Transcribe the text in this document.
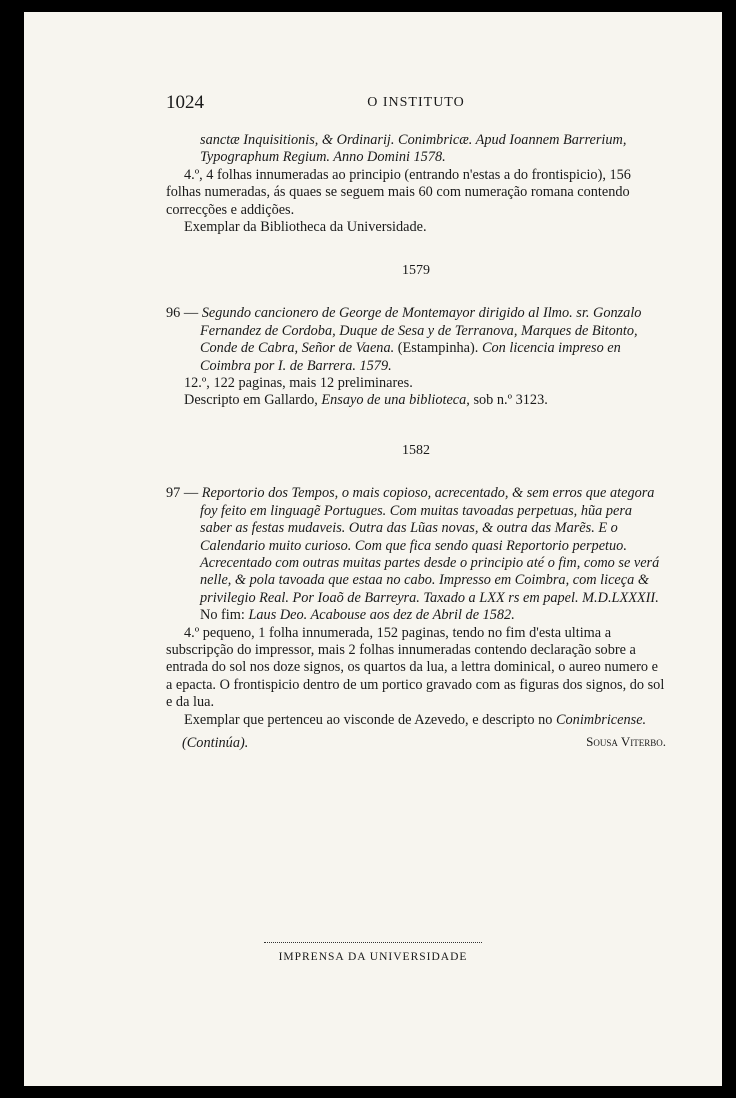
1024	O INSTITUTO

sanctæ Inquisitionis, & Ordinarij. Conimbricæ. Apud Ioannem Barrerium, Typographum Regium. Anno Domini 1578.

4.º, 4 folhas innumeradas ao principio (entrando n'estas a do frontispicio), 156 folhas numeradas, ás quaes se seguem mais 60 com numeração romana contendo correcções e addições.

Exemplar da Bibliotheca da Universidade.

1579

96 — Segundo cancionero de George de Montemayor dirigido al Ilmo. sr. Gonzalo Fernandez de Cordoba, Duque de Sesa y de Terranova, Marques de Bitonto, Conde de Cabra, Señor de Vaena. (Estampinha). Con licencia impreso en Coimbra por I. de Barrera. 1579.

12.º, 122 paginas, mais 12 preliminares.

Descripto em Gallardo, Ensayo de una biblioteca, sob n.º 3123.

1582

97 — Reportorio dos Tempos, o mais copioso, acrecentado, & sem erros que ategora foy feito em linguagẽ Portugues. Com muitas tavoadas perpetuas, hũa pera saber as festas mudaveis. Outra das Lũas novas, & outra das Marẽs. E o Calendario muito curioso. Com que fica sendo quasi Reportorio perpetuo. Acrecentado com outras muitas partes desde o principio até o fim, como se verá nelle, & pola tavoada que estaa no cabo. Impresso em Coimbra, com liceça & privilegio Real. Por Ioaõ de Barreyra. Taxado a LXX rs em papel. M.D.LXXXII. No fim: Laus Deo. Acabouse aos dez de Abril de 1582.

4.º pequeno, 1 folha innumerada, 152 paginas, tendo no fim d'esta ultima a subscripção do impressor, mais 2 folhas innumeradas contendo declaração sobre a entrada do sol nos doze signos, os quartos da lua, a lettra dominical, o aureo numero e a epacta. O frontispicio dentro de um portico gravado com as figuras dos signos, do sol e da lua.

Exemplar que pertenceu ao visconde de Azevedo, e descripto no Conimbricense.

(Continúa).	Sousa Viterbo.
IMPRENSA DA UNIVERSIDADE
